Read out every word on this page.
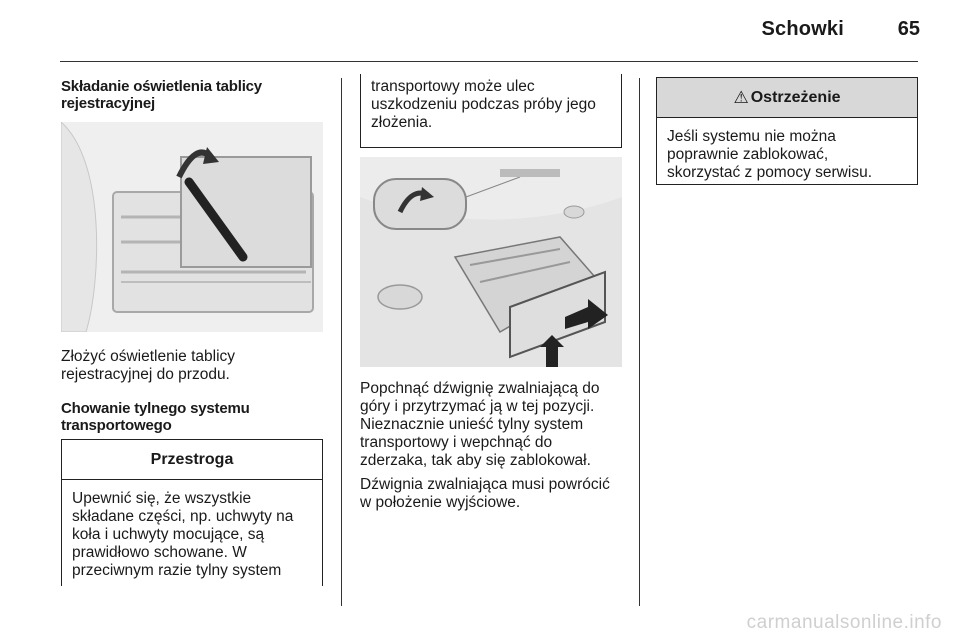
Schowki	65
Składanie oświetlenia tablicy
rejestracyjnej
Złożyć oświetlenie tablicy
rejestracyjnej do przodu.
Chowanie tylnego systemu
transportowego
Przestroga
Upewnić się, że wszystkie
składane części, np. uchwyty na
koła i uchwyty mocujące, są
prawidłowo schowane. W
przeciwnym razie tylny system
transportowy może ulec
uszkodzeniu podczas próby jego
złożenia.
Popchnąć dźwignię zwalniającą do
góry i przytrzymać ją w tej pozycji.
Nieznacznie unieść tylny system
transportowy i wepchnąć do
zderzaka, tak aby się zablokował.
Dźwignia zwalniająca musi powrócić
w położenie wyjściowe.
⚠ Ostrzeżenie
Jeśli systemu nie można
poprawnie zablokować,
skorzystać z pomocy serwisu.
carmanualsonline.info
